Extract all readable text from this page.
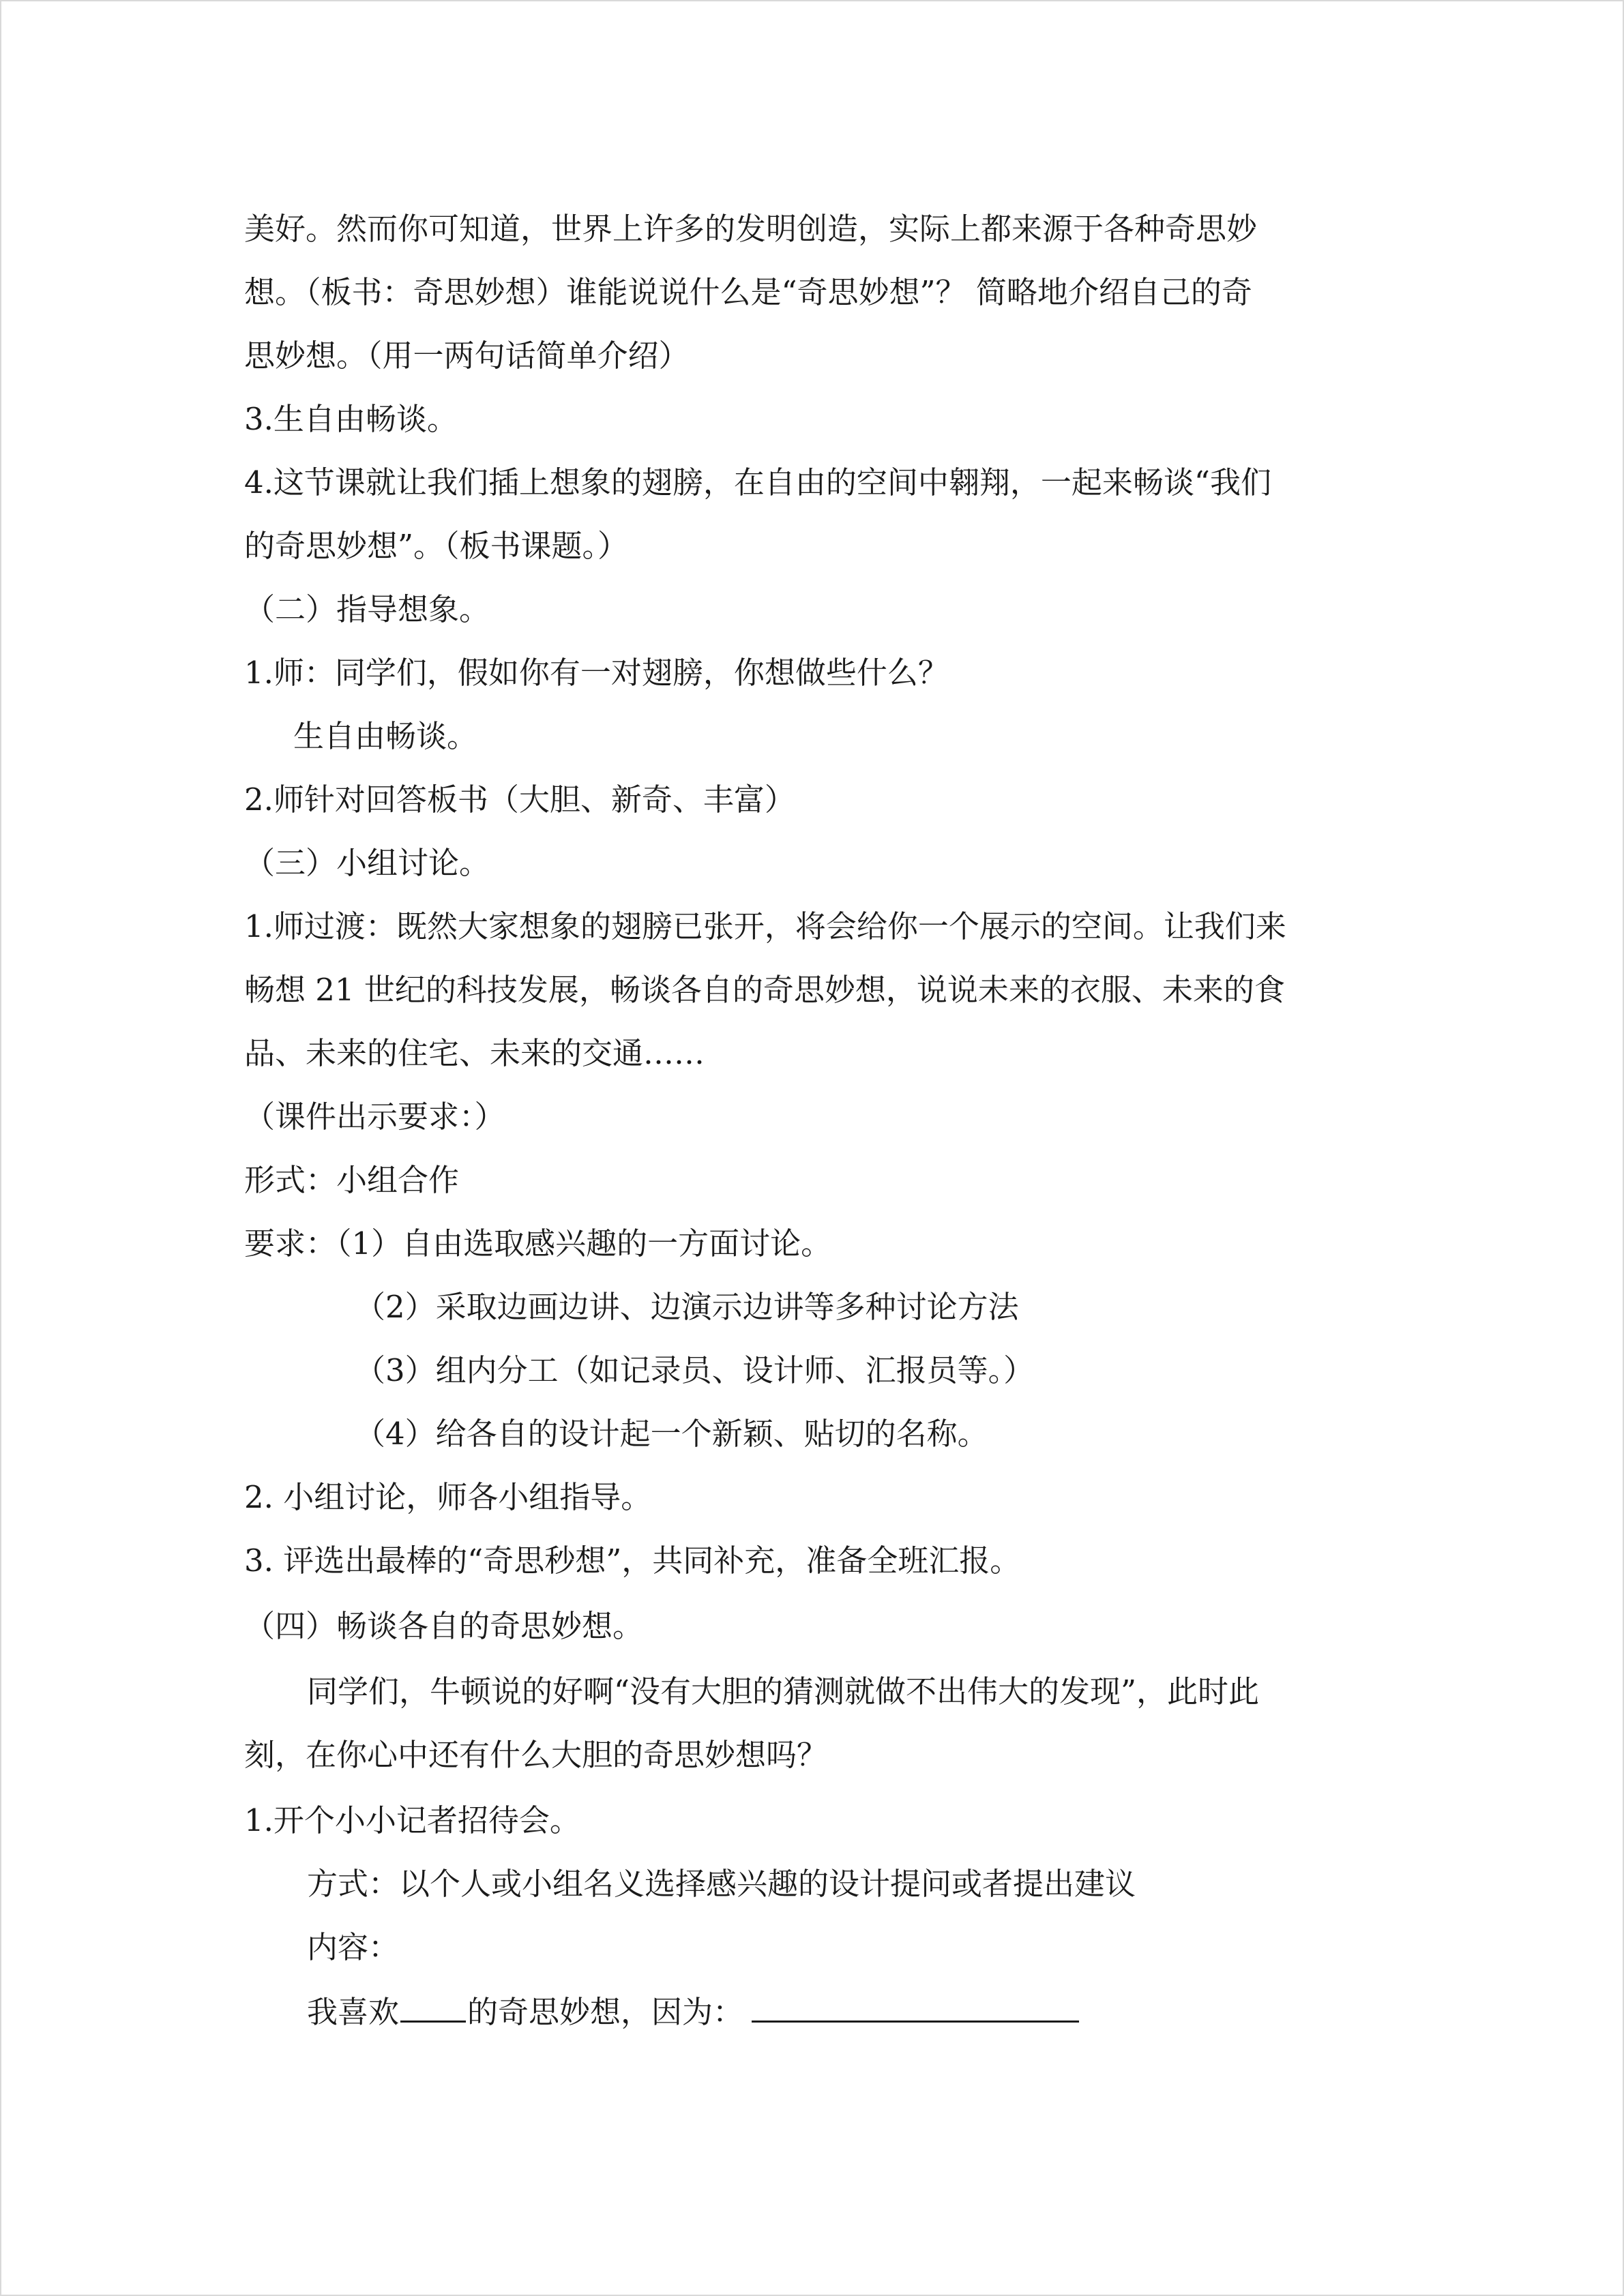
美好。然而你可知道，世界上许多的发明创造，实际上都来源于各种奇思妙
想。（板书：奇思妙想）谁能说说什么是“奇思妙想”？ 简略地介绍自己的奇
思妙想。（用一两句话简单介绍）
3.生自由畅谈。
4.这节课就让我们插上想象的翅膀，在自由的空间中翱翔，一起来畅谈“我们
的奇思妙想”。（板书课题。）
（二）指导想象。
1.师：同学们，假如你有一对翅膀，你想做些什么？
生自由畅谈。
2.师针对回答板书（大胆、新奇、丰富）
（三）小组讨论。
1.师过渡：既然大家想象的翅膀已张开，将会给你一个展示的空间。让我们来
畅想 21 世纪的科技发展，畅谈各自的奇思妙想，说说未来的衣服、未来的食
品、未来的住宅、未来的交通……
（课件出示要求：）
形式：小组合作
要求：（1）自由选取感兴趣的一方面讨论。
（2）采取边画边讲、边演示边讲等多种讨论方法
（3）组内分工（如记录员、设计师、汇报员等。）
（4）给各自的设计起一个新颖、贴切的名称。
2. 小组讨论，师各小组指导。
3. 评选出最棒的“奇思秒想”，共同补充，准备全班汇报。
（四）畅谈各自的奇思妙想。
同学们，牛顿说的好啊“没有大胆的猜测就做不出伟大的发现”，此时此
刻，在你心中还有什么大胆的奇思妙想吗？
1.开个小小记者招待会。
方式：以个人或小组名义选择感兴趣的设计提问或者提出建议
内容：
我喜欢 的奇思妙想，因为：
